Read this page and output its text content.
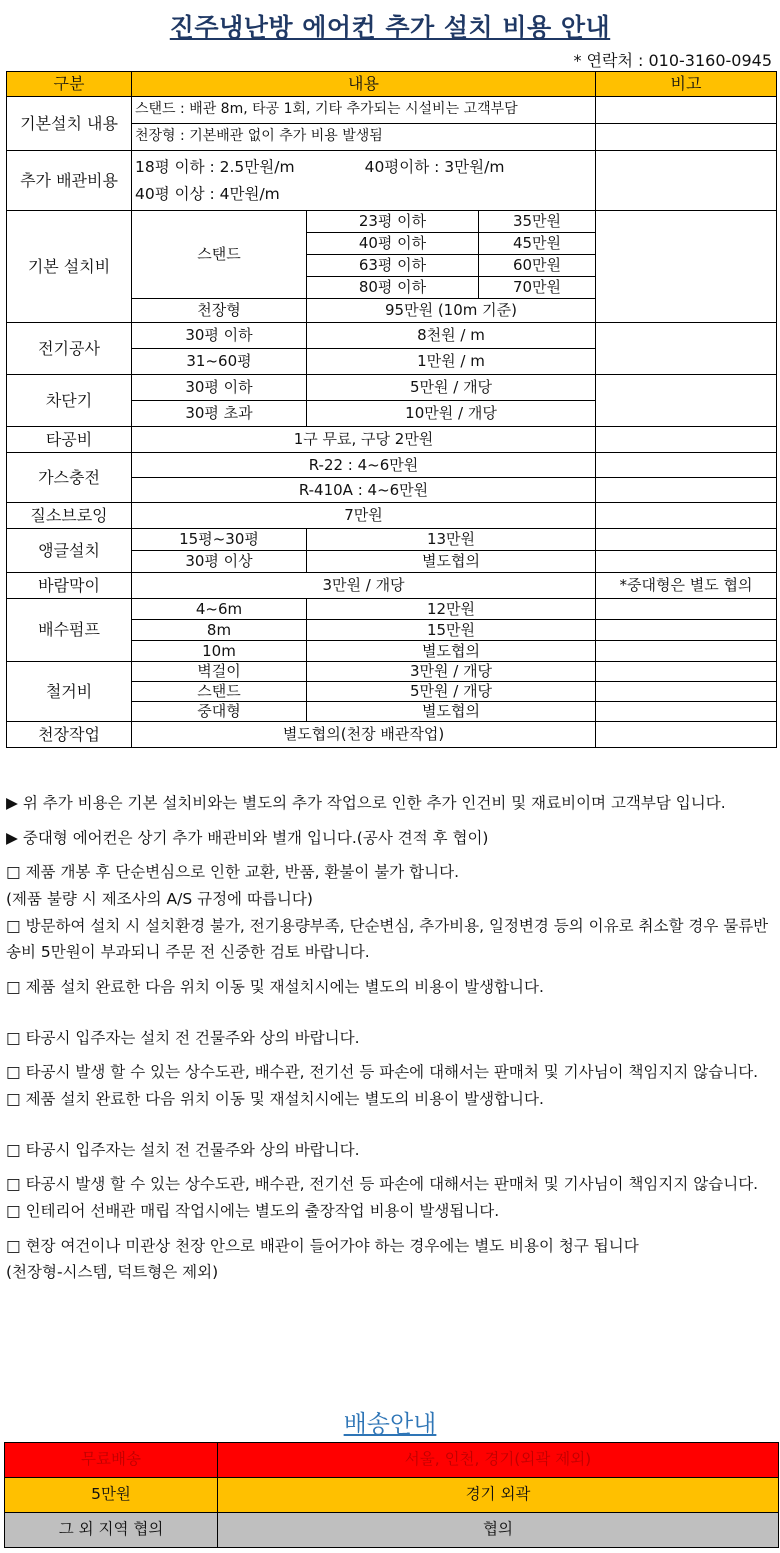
진주냉난방 에어컨 추가 설치 비용 안내
* 연락처 : 010-3160-0945
구분	내용			비고
기본설치 내용	스탠드 : 배관 8m, 타공 1회, 기타 추가되는 시설비는 고객부담			
	천장형 : 기본배관 없이 추가 비용 발생됨			
추가 배관비용	18평 이하 : 2.5만원/m 40평이하 : 3만원/m
40평 이상 : 4만원/m			

기본 설치비	스탠드	23평 이하	35만원	
		40평 이하	45만원	
		63평 이하	60만원	
		80평 이하	70만원	
	천장형	95만원 (10m 기준)		
전기공사	30평 이하	8천원 / m		
	31~60평	1만원 / m		
차단기	30평 이하	5만원 / 개당		
	30평 초과	10만원 / 개당		
타공비	1구 무료, 구당 2만원			
가스충전	R-22 : 4~6만원			
	R-410A : 4~6만원			
질소브로잉	7만원			
앵글설치	15평~30평	13만원		
	30평 이상	별도협의		
바람막이	3만원 / 개당			*중대형은 별도 협의
배수펌프	4~6m	12만원		
	8m	15만원		
	10m	별도협의		
철거비	벽걸이	3만원 / 개당		
	스탠드	5만원 / 개당		
	중대형	별도협의		
천장작업	별도협의(천장 배관작업)			

▶ 위 추가 비용은 기본 설치비와는 별도의 추가 작업으로 인한 추가 인건비 및 재료비이며 고객부담 입니다.

▶ 중대형 에어컨은 상기 추가 배관비와 별개 입니다.(공사 견적 후 협이)

□ 제품 개봉 후 단순변심으로 인한 교환, 반품, 환불이 불가 합니다.

(제품 불량 시 제조사의 A/S 규정에 따릅니다)

□ 방문하여 설치 시 설치환경 불가, 전기용량부족, 단순변심, 추가비용, 일정변경 등의 이유로 취소할 경우 물류반송비 5만원이 부과되니 주문 전 신중한 검토 바랍니다.

□ 제품 설치 완료한 다음 위치 이동 및 재설치시에는 별도의 비용이 발생합니다.

□ 타공시 입주자는 설치 전 건물주와 상의 바랍니다.

□ 타공시 발생 할 수 있는 상수도관, 배수관, 전기선 등 파손에 대해서는 판매처 및 기사님이 책임지지 않습니다.

□ 제품 설치 완료한 다음 위치 이동 및 재설치시에는 별도의 비용이 발생합니다.

□ 타공시 입주자는 설치 전 건물주와 상의 바랍니다.

□ 타공시 발생 할 수 있는 상수도관, 배수관, 전기선 등 파손에 대해서는 판매처 및 기사님이 책임지지 않습니다.

□ 인테리어 선배관 매립 작업시에는 별도의 출장작업 비용이 발생됩니다.

□ 현장 여건이나 미관상 천장 안으로 배관이 들어가야 하는 경우에는 별도 비용이 청구 됩니다

(천장형-시스템, 덕트형은 제외)

배송안내
무료배송	서울, 인천, 경기(외곽 제외)
5만원	경기 외곽
그 외 지역 협의	협의
